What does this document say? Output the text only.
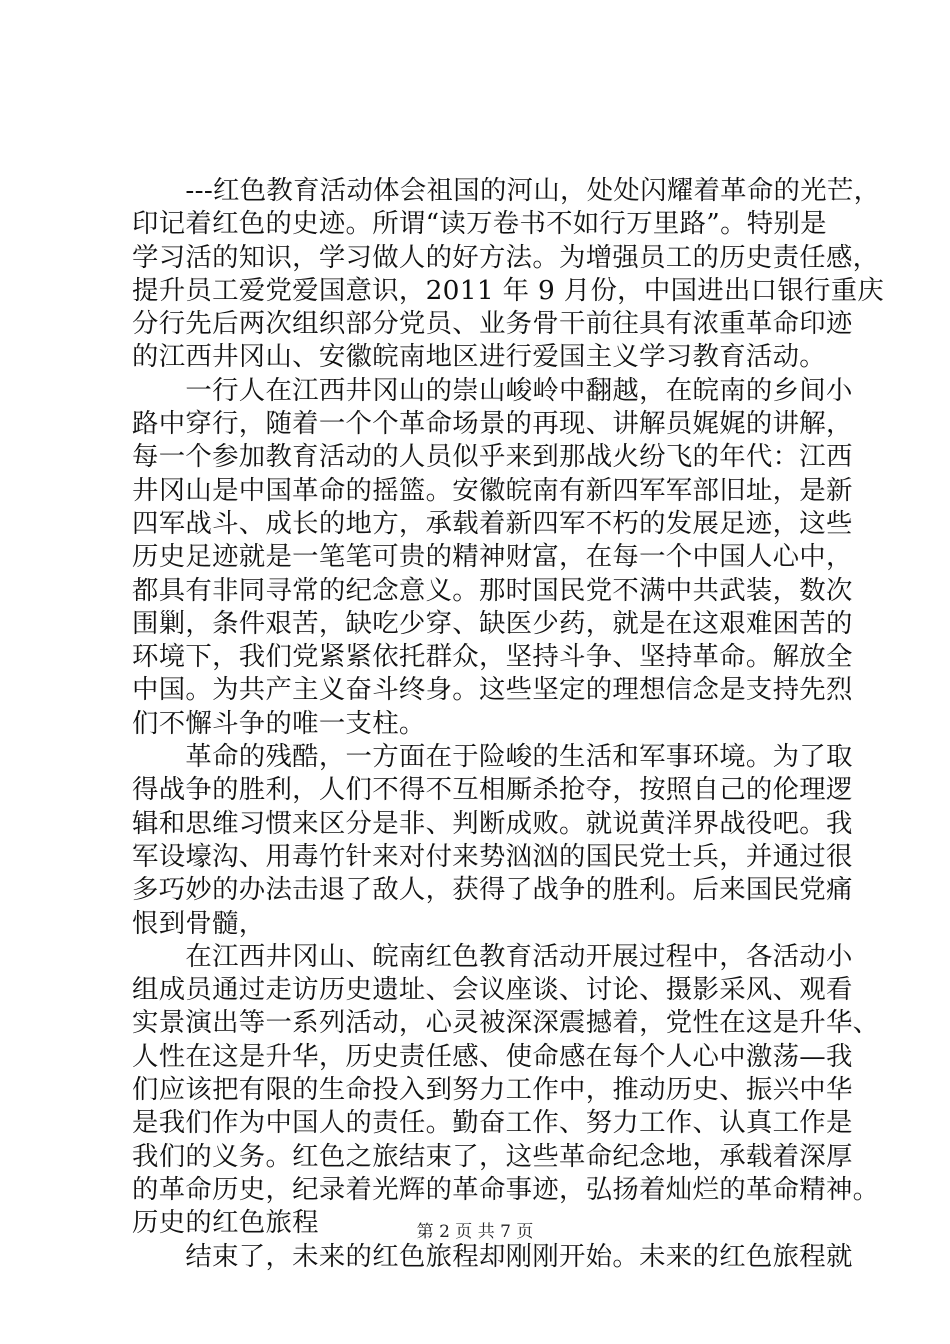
　　---红色教育活动体会祖国的河山，处处闪耀着革命的光芒，
印记着红色的史迹。所谓“读万卷书不如行万里路”。特别是
学习活的知识，学习做人的好方法。为增强员工的历史责任感，
提升员工爱党爱国意识，2011 年 9 月份，中国进出口银行重庆
分行先后两次组织部分党员、业务骨干前往具有浓重革命印迹
的江西井冈山、安徽皖南地区进行爱国主义学习教育活动。
　　一行人在江西井冈山的崇山峻岭中翻越，在皖南的乡间小
路中穿行，随着一个个革命场景的再现、讲解员娓娓的讲解，
每一个参加教育活动的人员似乎来到那战火纷飞的年代：江西
井冈山是中国革命的摇篮。安徽皖南有新四军军部旧址，是新
四军战斗、成长的地方，承载着新四军不朽的发展足迹，这些
历史足迹就是一笔笔可贵的精神财富，在每一个中国人心中，
都具有非同寻常的纪念意义。那时国民党不满中共武装，数次
围剿，条件艰苦，缺吃少穿、缺医少药，就是在这艰难困苦的
环境下，我们党紧紧依托群众，坚持斗争、坚持革命。解放全
中国。为共产主义奋斗终身。这些坚定的理想信念是支持先烈
们不懈斗争的唯一支柱。
　　革命的残酷，一方面在于险峻的生活和军事环境。为了取
得战争的胜利，人们不得不互相厮杀抢夺，按照自己的伦理逻
辑和思维习惯来区分是非、判断成败。就说黄洋界战役吧。我
军设壕沟、用毒竹针来对付来势汹汹的国民党士兵，并通过很
多巧妙的办法击退了敌人，获得了战争的胜利。后来国民党痛
恨到骨髓，
　　在江西井冈山、皖南红色教育活动开展过程中，各活动小
组成员通过走访历史遗址、会议座谈、讨论、摄影采风、观看
实景演出等一系列活动，心灵被深深震撼着，党性在这是升华、
人性在这是升华，历史责任感、使命感在每个人心中激荡—我
们应该把有限的生命投入到努力工作中，推动历史、振兴中华
是我们作为中国人的责任。勤奋工作、努力工作、认真工作是
我们的义务。红色之旅结束了，这些革命纪念地，承载着深厚
的革命历史，纪录着光辉的革命事迹，弘扬着灿烂的革命精神。
历史的红色旅程
　　结束了，未来的红色旅程却刚刚开始。未来的红色旅程就
第 2 页 共 7 页
